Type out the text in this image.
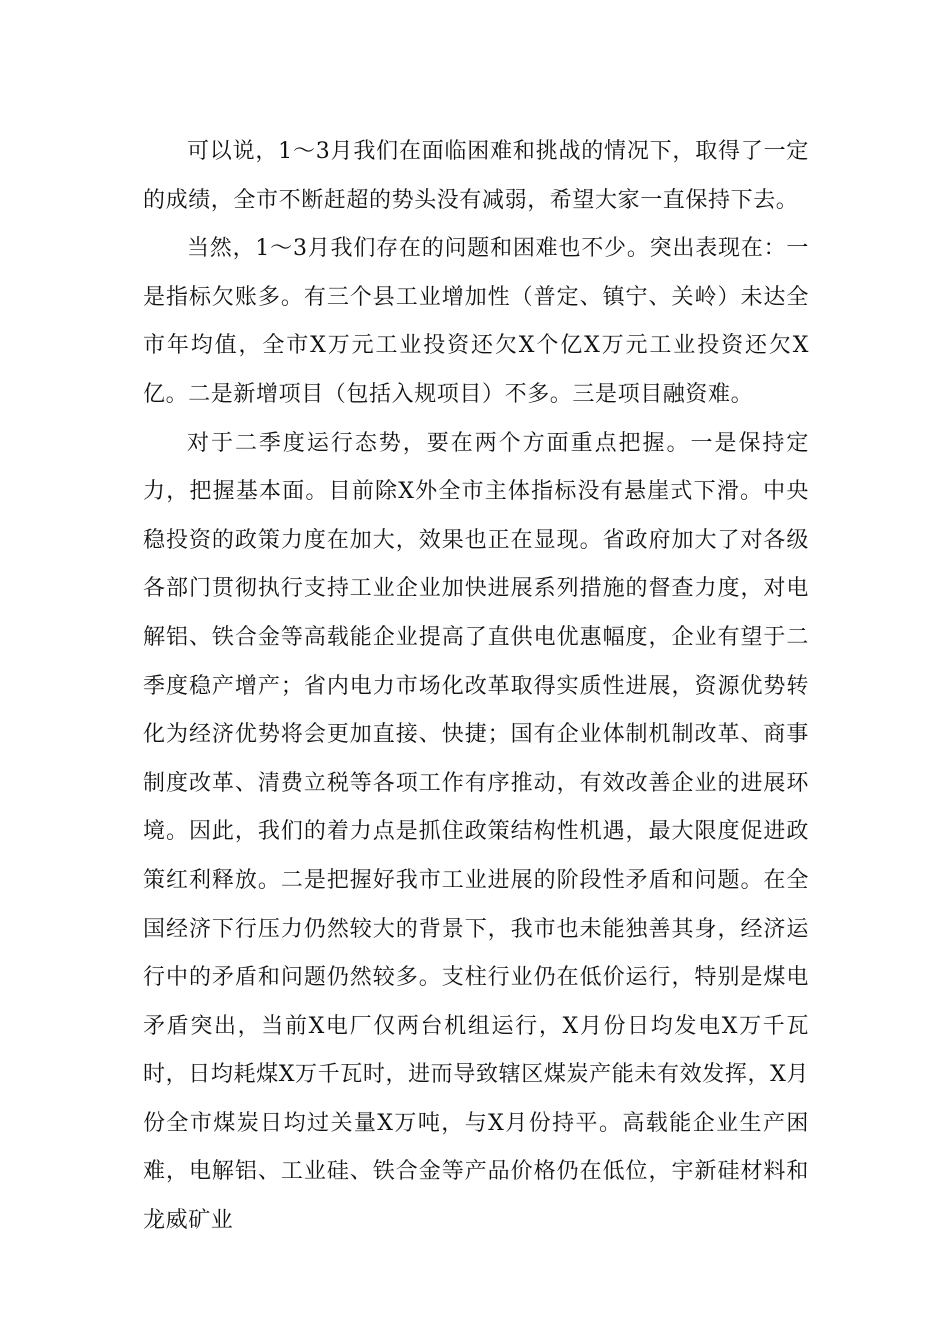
可以说，1～3月我们在面临困难和挑战的情况下，取得了一定的成绩，全市不断赶超的势头没有减弱，希望大家一直保持下去。

当然，1～3月我们存在的问题和困难也不少。突出表现在：一是指标欠账多。有三个县工业增加性（普定、镇宁、关岭）未达全市年均值，全市X万元工业投资还欠X个亿X万元工业投资还欠X亿。二是新增项目（包括入规项目）不多。三是项目融资难。

对于二季度运行态势，要在两个方面重点把握。一是保持定力，把握基本面。目前除X外全市主体指标没有悬崖式下滑。中央稳投资的政策力度在加大，效果也正在显现。省政府加大了对各级各部门贯彻执行支持工业企业加快进展系列措施的督查力度，对电解铝、铁合金等高载能企业提高了直供电优惠幅度，企业有望于二季度稳产增产；省内电力市场化改革取得实质性进展，资源优势转化为经济优势将会更加直接、快捷；国有企业体制机制改革、商事制度改革、清费立税等各项工作有序推动，有效改善企业的进展环境。因此，我们的着力点是抓住政策结构性机遇，最大限度促进政策红利释放。二是把握好我市工业进展的阶段性矛盾和问题。在全国经济下行压力仍然较大的背景下，我市也未能独善其身，经济运行中的矛盾和问题仍然较多。支柱行业仍在低价运行，特别是煤电矛盾突出，当前X电厂仅两台机组运行，X月份日均发电X万千瓦时，日均耗煤X万千瓦时，进而导致辖区煤炭产能未有效发挥，X月份全市煤炭日均过关量X万吨，与X月份持平。高载能企业生产困难，电解铝、工业硅、铁合金等产品价格仍在低位，宇新硅材料和龙威矿业
